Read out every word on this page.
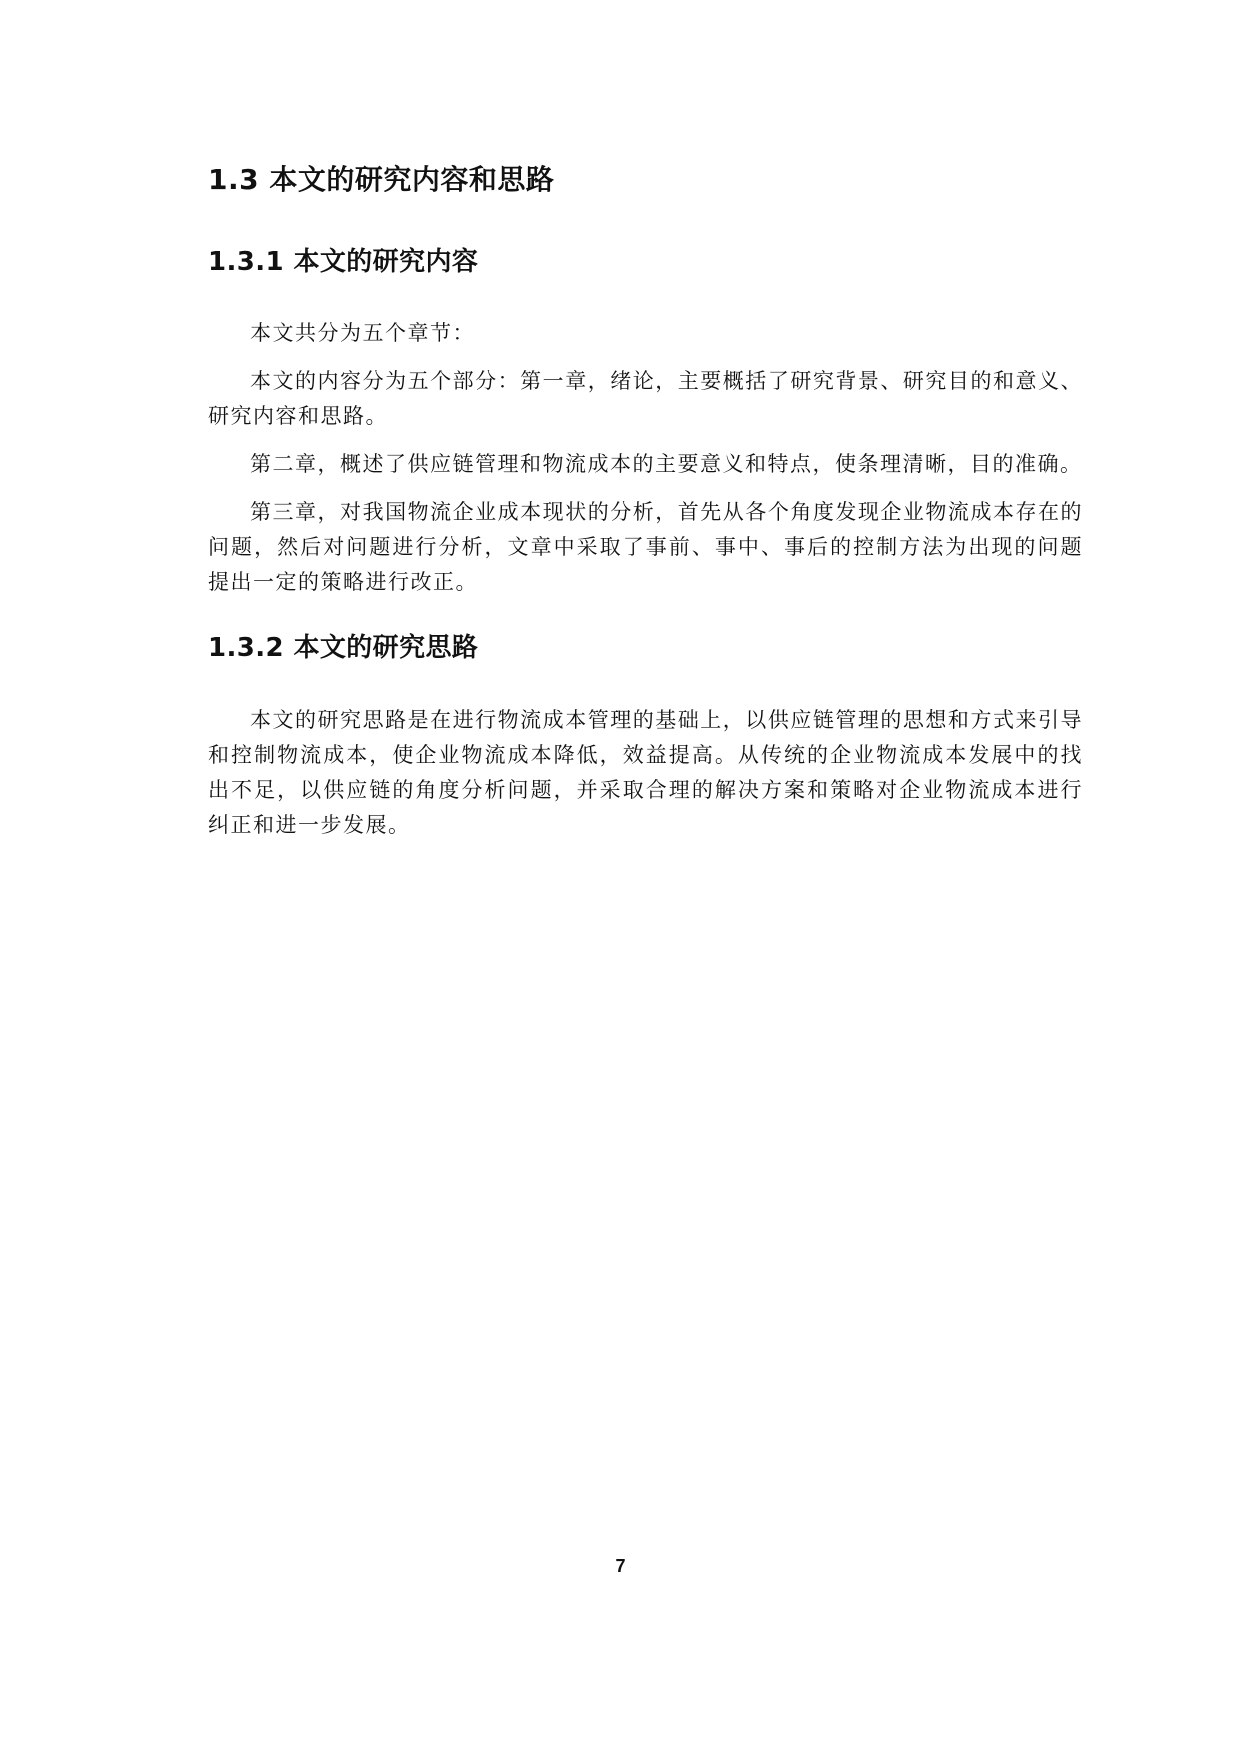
1.3 本文的研究内容和思路
1.3.1 本文的研究内容

本文共分为五个章节：

本文的内容分为五个部分：第一章，绪论，主要概括了研究背景、研究目的和意义、研究内容和思路。

第二章，概述了供应链管理和物流成本的主要意义和特点，使条理清晰，目的准确。

第三章，对我国物流企业成本现状的分析，首先从各个角度发现企业物流成本存在的问题，然后对问题进行分析，文章中采取了事前、事中、事后的控制方法为出现的问题提出一定的策略进行改正。

1.3.2 本文的研究思路

本文的研究思路是在进行物流成本管理的基础上，以供应链管理的思想和方式来引导和控制物流成本，使企业物流成本降低，效益提高。从传统的企业物流成本发展中的找出不足，以供应链的角度分析问题，并采取合理的解决方案和策略对企业物流成本进行纠正和进一步发展。

7
